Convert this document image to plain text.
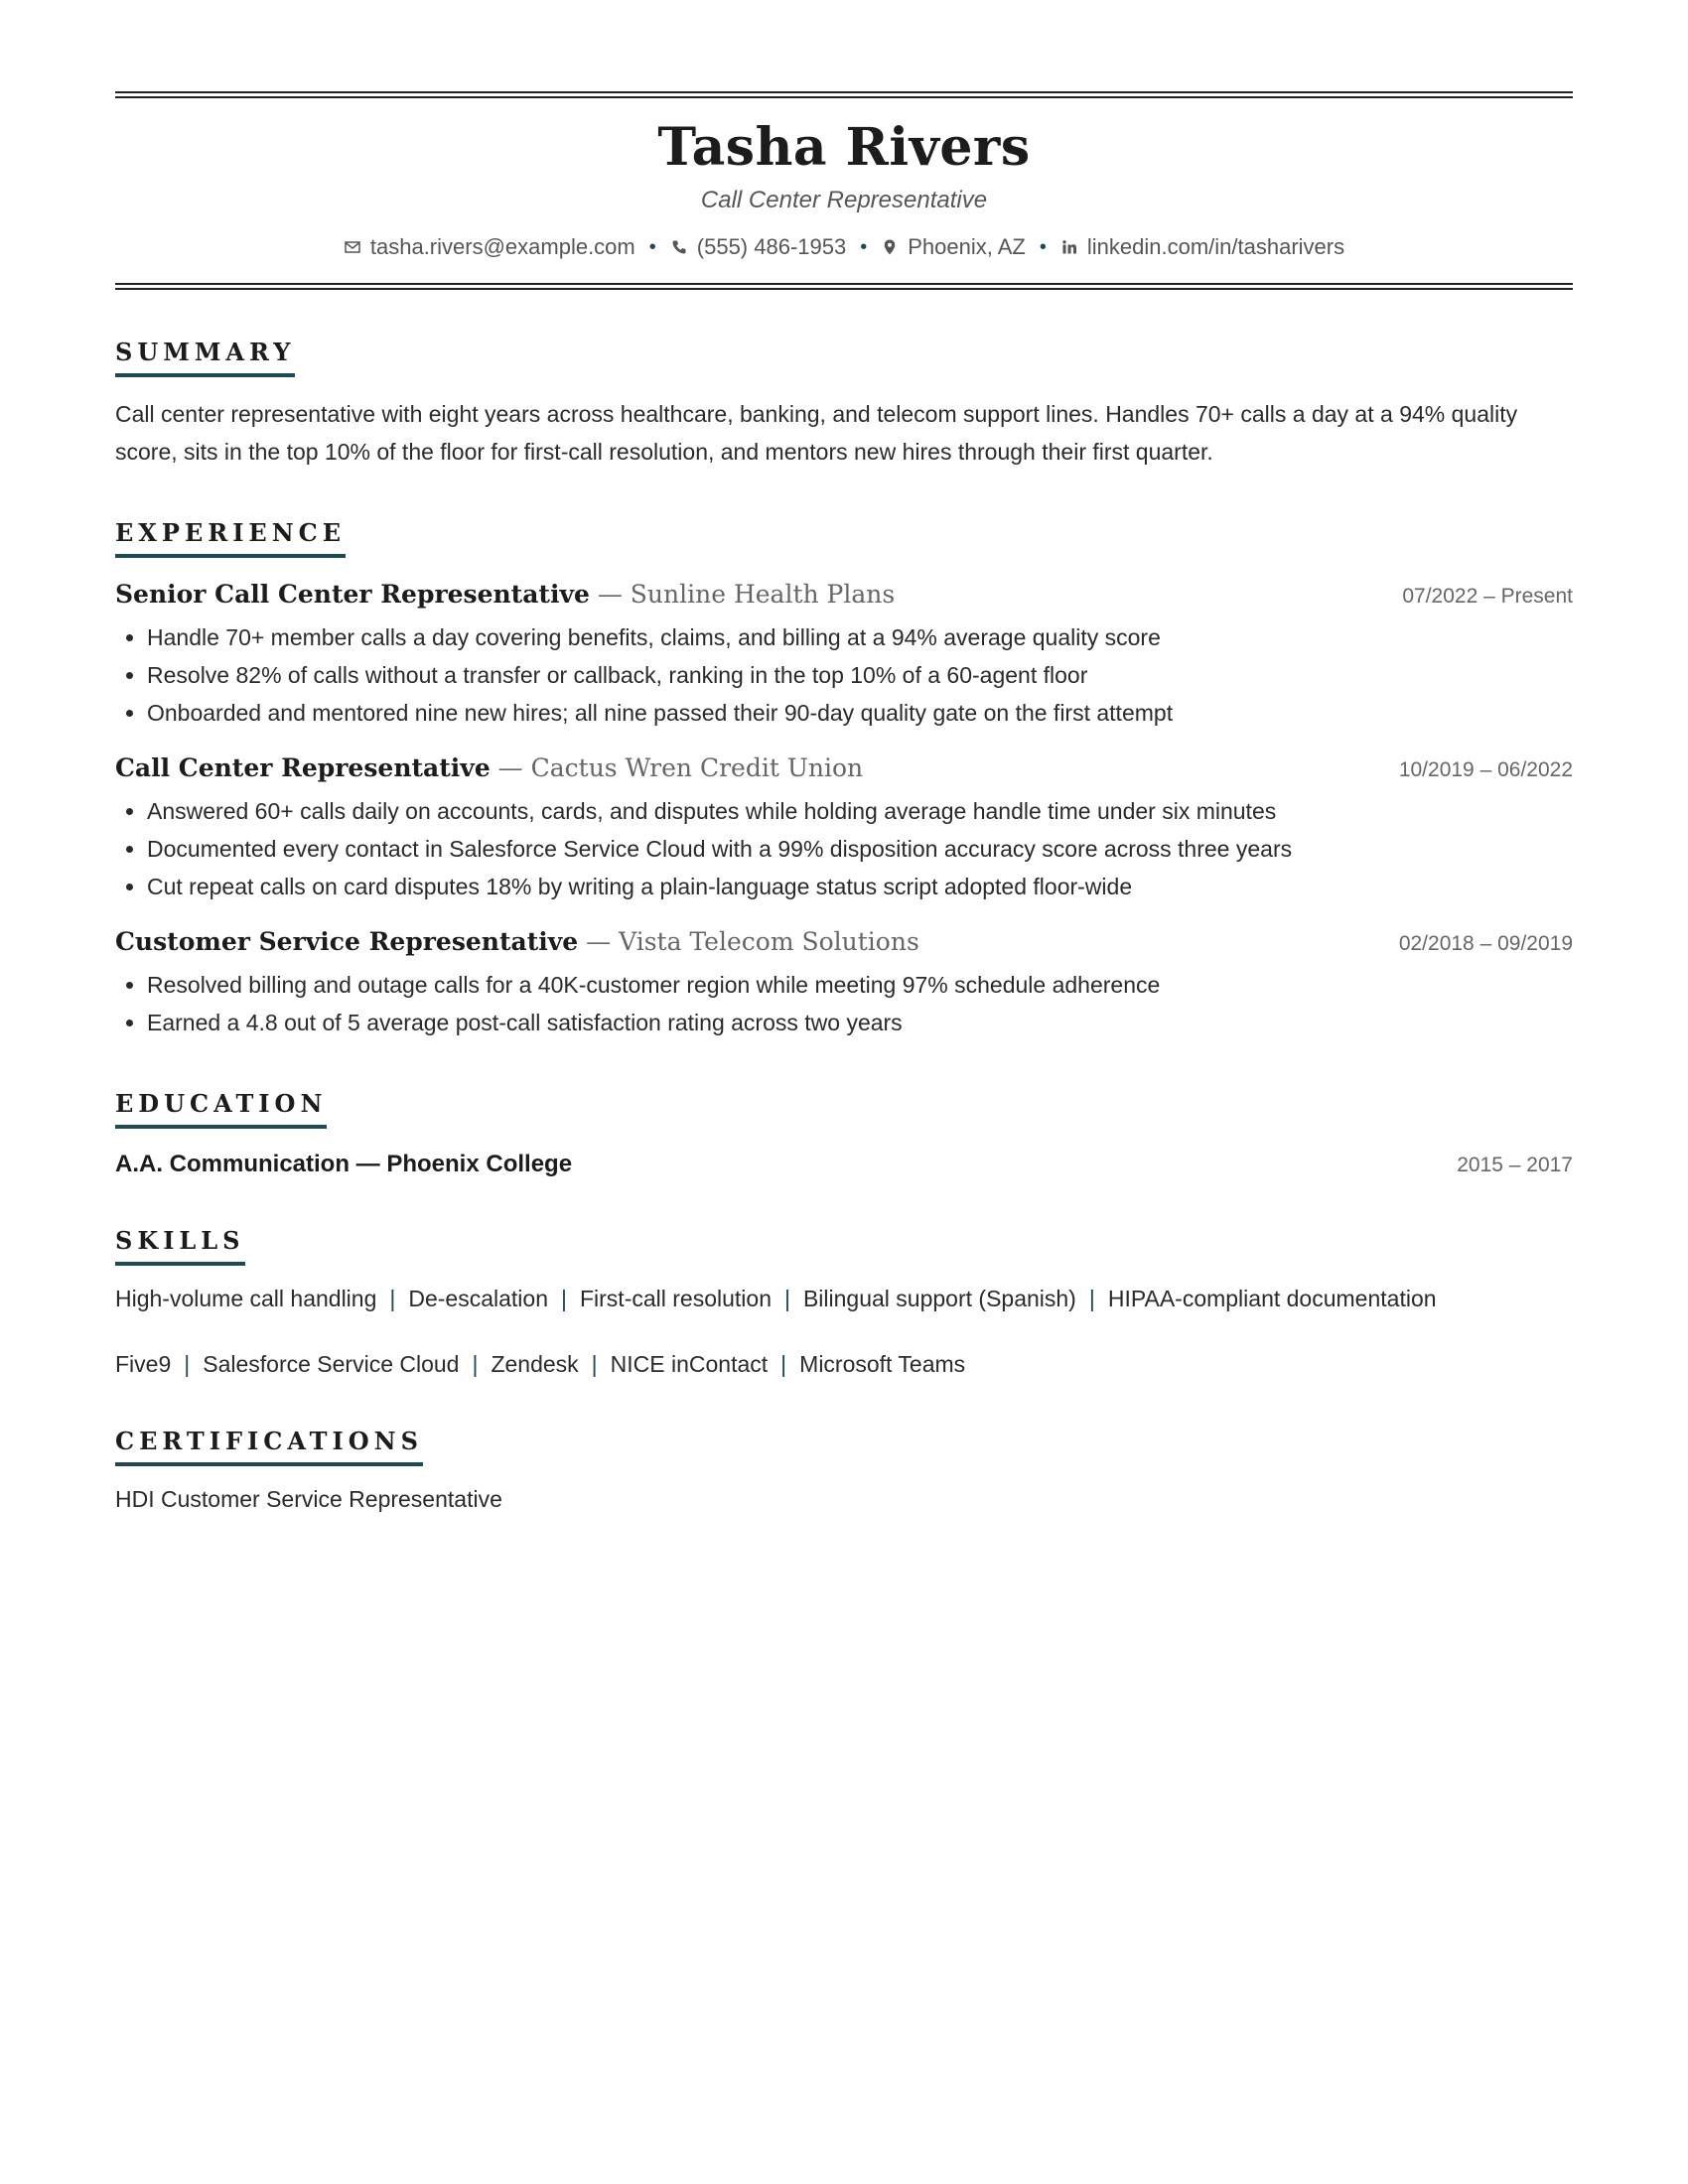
Tasha Rivers
Call Center Representative
tasha.rivers@example.com • (555) 486-1953 • Phoenix, AZ • linkedin.com/in/tasharivers
SUMMARY
Call center representative with eight years across healthcare, banking, and telecom support lines. Handles 70+ calls a day at a 94% quality score, sits in the top 10% of the floor for first-call resolution, and mentors new hires through their first quarter.
EXPERIENCE
Senior Call Center Representative — Sunline Health Plans	07/2022 – Present
• Handle 70+ member calls a day covering benefits, claims, and billing at a 94% average quality score
• Resolve 82% of calls without a transfer or callback, ranking in the top 10% of a 60-agent floor
• Onboarded and mentored nine new hires; all nine passed their 90-day quality gate on the first attempt
Call Center Representative — Cactus Wren Credit Union	10/2019 – 06/2022
• Answered 60+ calls daily on accounts, cards, and disputes while holding average handle time under six minutes
• Documented every contact in Salesforce Service Cloud with a 99% disposition accuracy score across three years
• Cut repeat calls on card disputes 18% by writing a plain-language status script adopted floor-wide
Customer Service Representative — Vista Telecom Solutions	02/2018 – 09/2019
• Resolved billing and outage calls for a 40K-customer region while meeting 97% schedule adherence
• Earned a 4.8 out of 5 average post-call satisfaction rating across two years
EDUCATION
A.A. Communication — Phoenix College	2015 – 2017
SKILLS
High-volume call handling | De-escalation | First-call resolution | Bilingual support (Spanish) | HIPAA-compliant documentation
Five9 | Salesforce Service Cloud | Zendesk | NICE inContact | Microsoft Teams
CERTIFICATIONS
HDI Customer Service Representative
